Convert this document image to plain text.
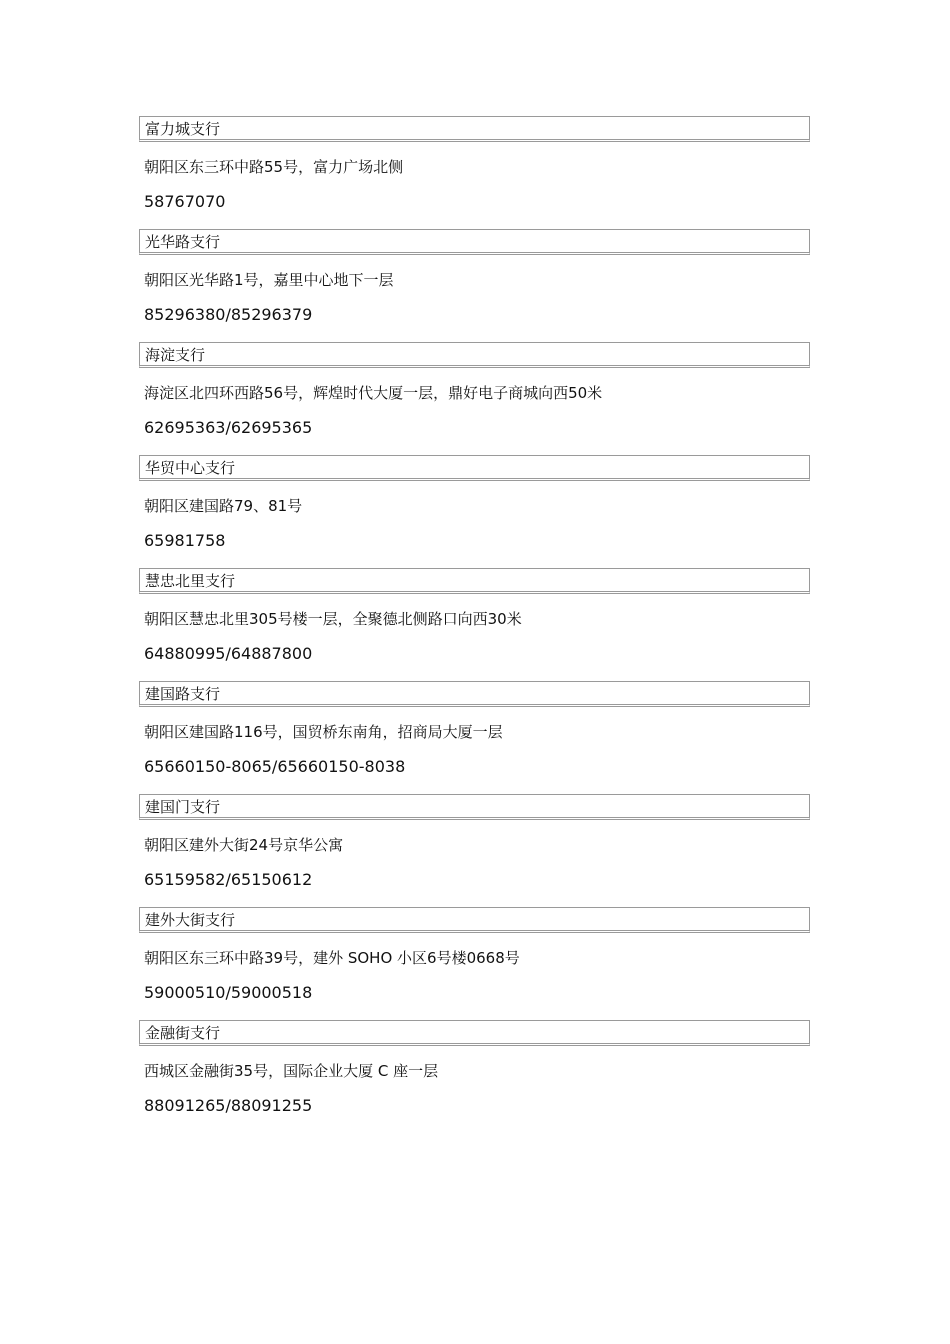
富力城支行
朝阳区东三环中路55号，富力广场北侧
58767070
光华路支行
朝阳区光华路1号，嘉里中心地下一层
85296380/85296379
海淀支行
海淀区北四环西路56号，辉煌时代大厦一层，鼎好电子商城向西50米
62695363/62695365
华贸中心支行
朝阳区建国路79、81号
65981758
慧忠北里支行
朝阳区慧忠北里305号楼一层，全聚德北侧路口向西30米
64880995/64887800
建国路支行
朝阳区建国路116号，国贸桥东南角，招商局大厦一层
65660150-8065/65660150-8038
建国门支行
朝阳区建外大街24号京华公寓
65159582/65150612
建外大街支行
朝阳区东三环中路39号，建外 SOHO 小区6号楼0668号
59000510/59000518
金融街支行
西城区金融街35号，国际企业大厦 C 座一层
88091265/88091255
